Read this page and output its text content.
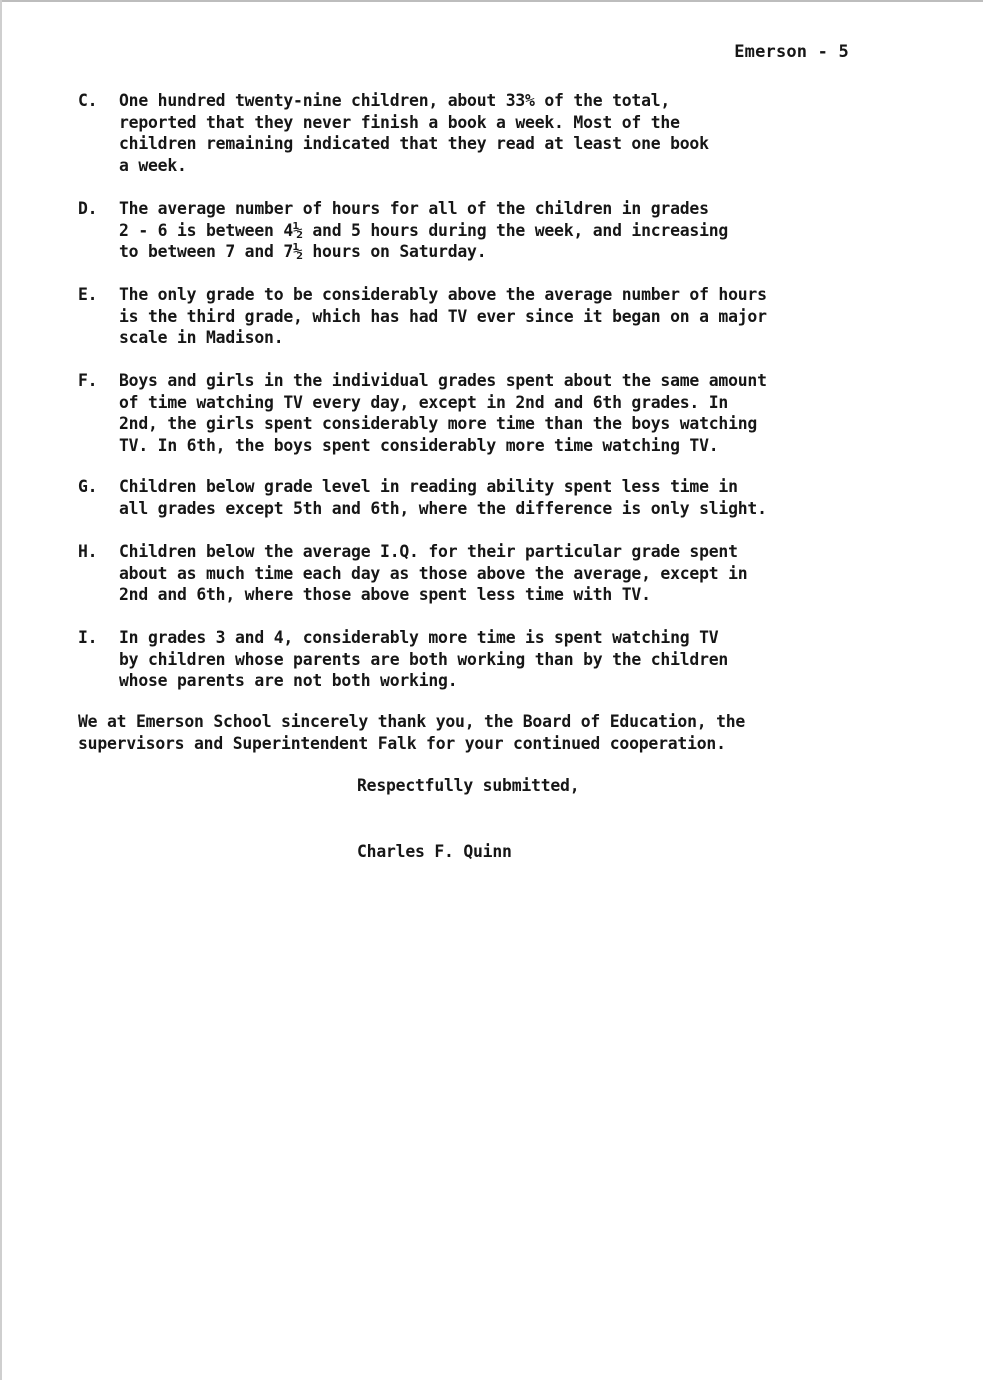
Emerson - 5
C. One hundred twenty-nine children, about 33% of the total,
reported that they never finish a book a week. Most of the
children remaining indicated that they read at least one book
a week.
D. The average number of hours for all of the children in grades
2 - 6 is between 4½ and 5 hours during the week, and increasing
to between 7 and 7½ hours on Saturday.
E. The only grade to be considerably above the average number of hours
is the third grade, which has had TV ever since it began on a major
scale in Madison.
F. Boys and girls in the individual grades spent about the same amount
of time watching TV every day, except in 2nd and 6th grades. In
2nd, the girls spent considerably more time than the boys watching
TV. In 6th, the boys spent considerably more time watching TV.
G. Children below grade level in reading ability spent less time in
all grades except 5th and 6th, where the difference is only slight.
H. Children below the average I.Q. for their particular grade spent
about as much time each day as those above the average, except in
2nd and 6th, where those above spent less time with TV.
I. In grades 3 and 4, considerably more time is spent watching TV
by children whose parents are both working than by the children
whose parents are not both working.
We at Emerson School sincerely thank you, the Board of Education, the
supervisors and Superintendent Falk for your continued cooperation.
Respectfully submitted,
Charles F. Quinn
